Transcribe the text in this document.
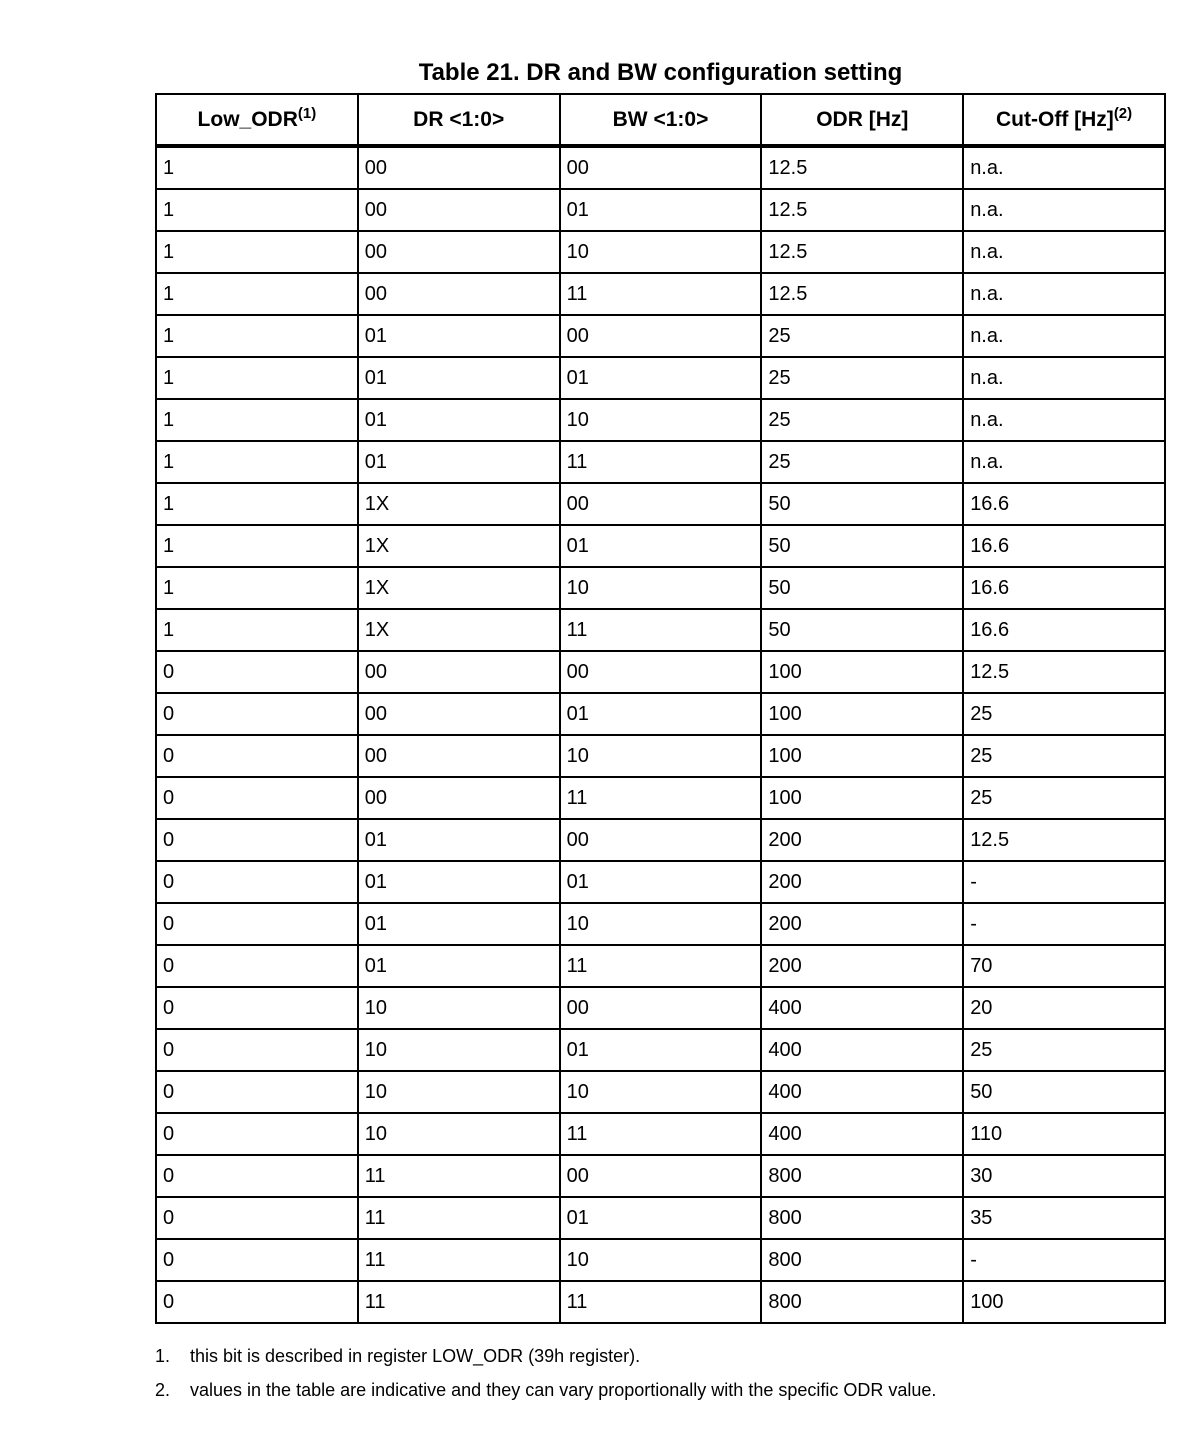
Table 21. DR and BW configuration setting
Low_ODR$^{(1)}$	DR <1:0>	BW <1:0>	ODR [Hz]	Cut-Off $[Hz]^{(2)}$
1	00	00	12.5	n.a.
1	00	01	12.5	n.a.
1	00	10	12.5	n.a.
1	00	11	12.5	n.a.
1	01	00	25	n.a.
1	01	01	25	n.a.
1	01	10	25	n.a.
1	01	11	25	n.a.
1	1X	00	50	16.6
1	1X	01	50	16.6
1	1X	10	50	16.6
1	1X	11	50	16.6
0	00	00	100	12.5
0	00	01	100	25
0	00	10	100	25
0	00	11	100	25
0	01	00	200	12.5
0	01	01	200	-
0	01	10	200	-
0	01	11	200	70
0	10	00	400	20
0	10	01	400	25
0	10	10	400	50
0	10	11	400	110
0	11	00	800	30
0	11	01	800	35
0	11	10	800	-
0	11	11	800	100
1.	this bit is described in register LOW_ODR (39h register).
2.	values in the table are indicative and they can vary proportionally with the specific ODR value.
